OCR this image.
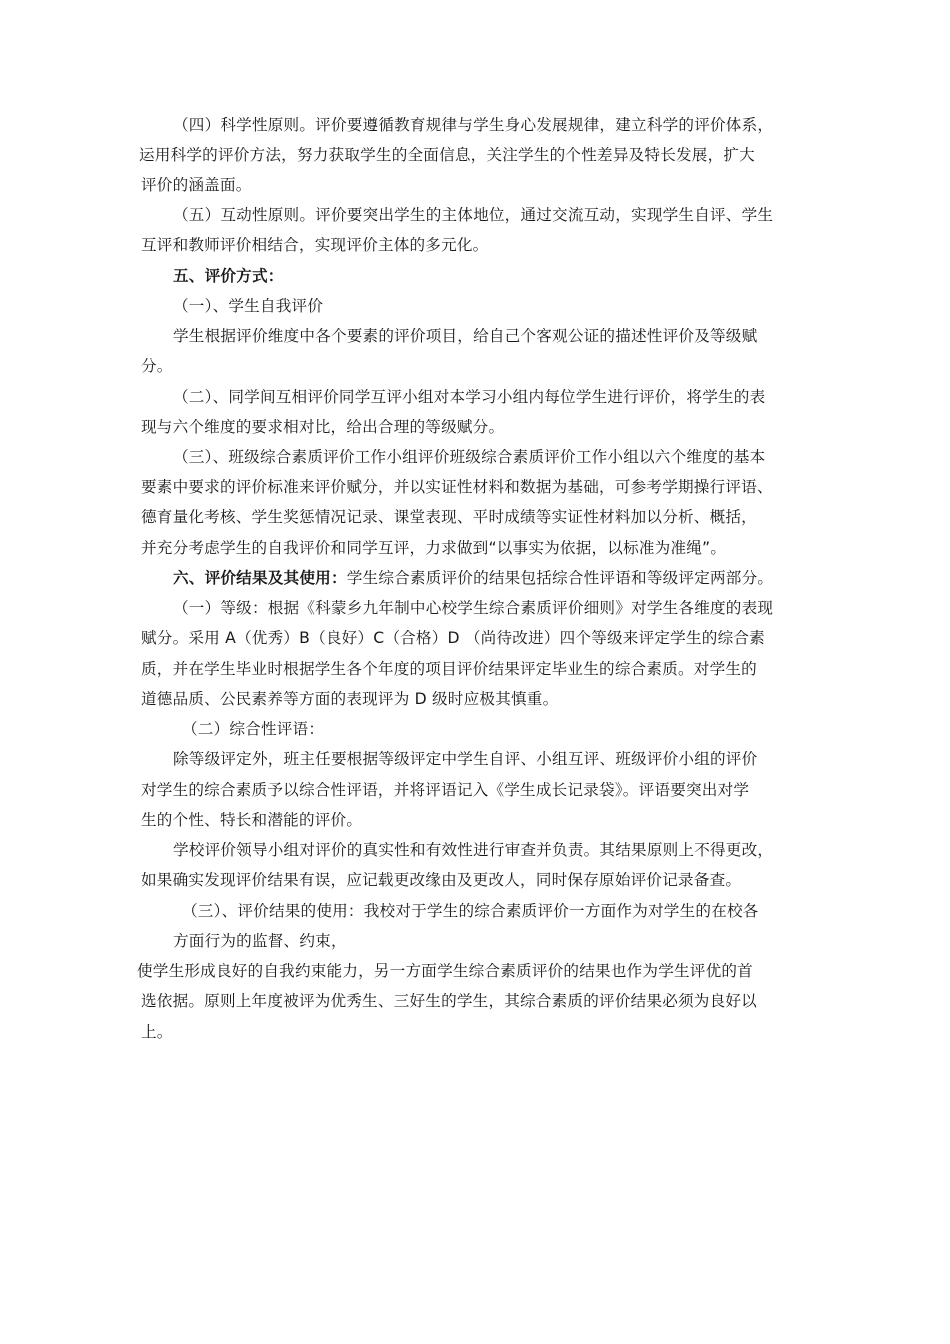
（四）科学性原则。评价要遵循教育规律与学生身心发展规律，建立科学的评价体系，
运用科学的评价方法，努力获取学生的全面信息，关注学生的个性差异及特长发展，扩大
评价的涵盖面。
（五）互动性原则。评价要突出学生的主体地位，通过交流互动，实现学生自评、学生
互评和教师评价相结合，实现评价主体的多元化。
五、评价方式：
（一）、学生自我评价
学生根据评价维度中各个要素的评价项目，给自己个客观公证的描述性评价及等级赋
分。
（二）、同学间互相评价同学互评小组对本学习小组内每位学生进行评价，将学生的表
现与六个维度的要求相对比，给出合理的等级赋分。
（三）、班级综合素质评价工作小组评价班级综合素质评价工作小组以六个维度的基本
要素中要求的评价标准来评价赋分，并以实证性材料和数据为基础，可参考学期操行评语、
德育量化考核、学生奖惩情况记录、课堂表现、平时成绩等实证性材料加以分析、概括，
并充分考虑学生的自我评价和同学互评，力求做到“以事实为依据，以标准为准绳”。
六、评价结果及其使用：学生综合素质评价的结果包括综合性评语和等级评定两部分。
（一）等级：根据《科蒙乡九年制中心校学生综合素质评价细则》对学生各维度的表现
赋分。采用 A（优秀）B（良好）C（合格）D （尚待改进）四个等级来评定学生的综合素
质，并在学生毕业时根据学生各个年度的项目评价结果评定毕业生的综合素质。对学生的
道德品质、公民素养等方面的表现评为 D 级时应极其慎重。
（二）综合性评语：
除等级评定外，班主任要根据等级评定中学生自评、小组互评、班级评价小组的评价
对学生的综合素质予以综合性评语，并将评语记入《学生成长记录袋》。评语要突出对学
生的个性、特长和潜能的评价。
学校评价领导小组对评价的真实性和有效性进行审查并负责。其结果原则上不得更改，
如果确实发现评价结果有误，应记载更改缘由及更改人，同时保存原始评价记录备查。
（三）、评价结果的使用：我校对于学生的综合素质评价一方面作为对学生的在校各
方面行为的监督、约束，
使学生形成良好的自我约束能力，另一方面学生综合素质评价的结果也作为学生评优的首
选依据。原则上年度被评为优秀生、三好生的学生，其综合素质的评价结果必须为良好以
上。
